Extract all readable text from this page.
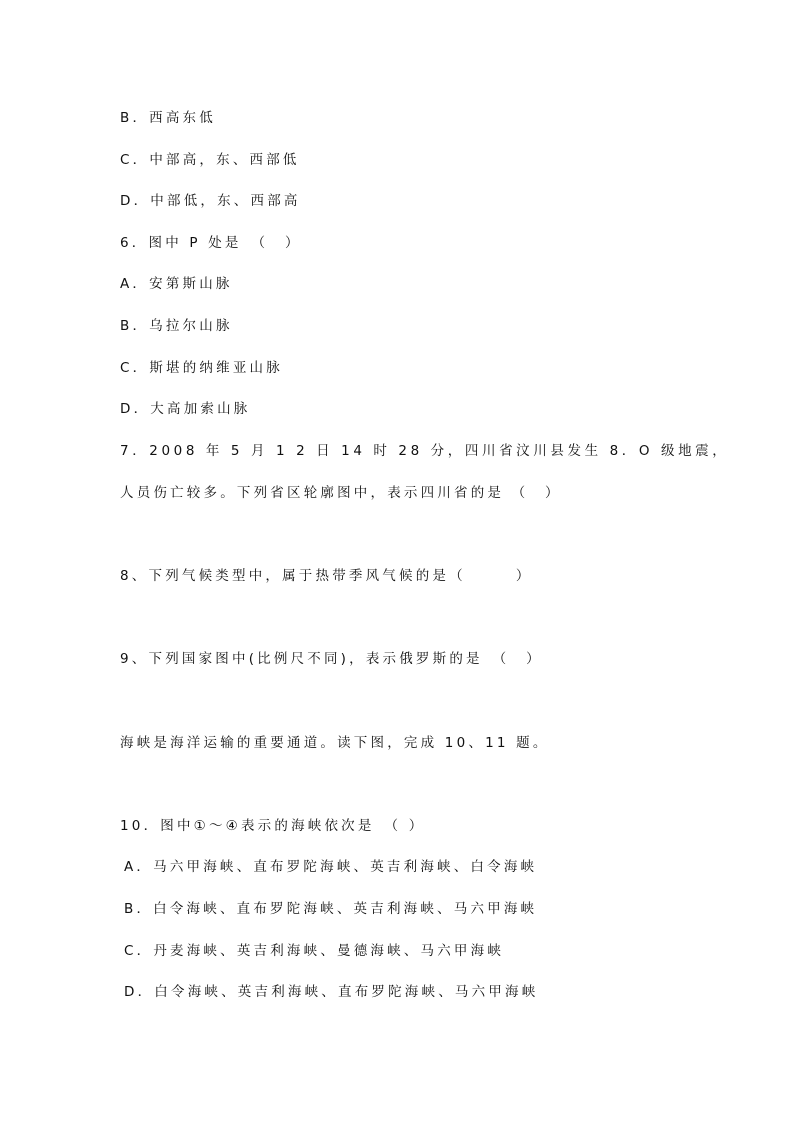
B．西高东低
C．中部高，东、西部低
D．中部低，东、西部高
6．图中 P 处是　（　）
A．安第斯山脉
B．乌拉尔山脉
C．斯堪的纳维亚山脉
D．大高加索山脉
7．2008 年 5 月 1 2 日 14 时 28 分，四川省汶川县发生 8．O 级地震，
人员伤亡较多。下列省区轮廓图中，表示四川省的是 （　）
8、下列气候类型中，属于热带季风气候的是（　　　）
9、下列国家图中(比例尺不同)，表示俄罗斯的是　（　）
海峡是海洋运输的重要通道。读下图，完成 10、11 题。
10．图中①～④表示的海峡依次是　（ ）
A．马六甲海峡、直布罗陀海峡、英吉利海峡、白令海峡
B．白令海峡、直布罗陀海峡、英吉利海峡、马六甲海峡
C．丹麦海峡、英吉利海峡、曼德海峡、马六甲海峡
D．白令海峡、英吉利海峡、直布罗陀海峡、马六甲海峡
